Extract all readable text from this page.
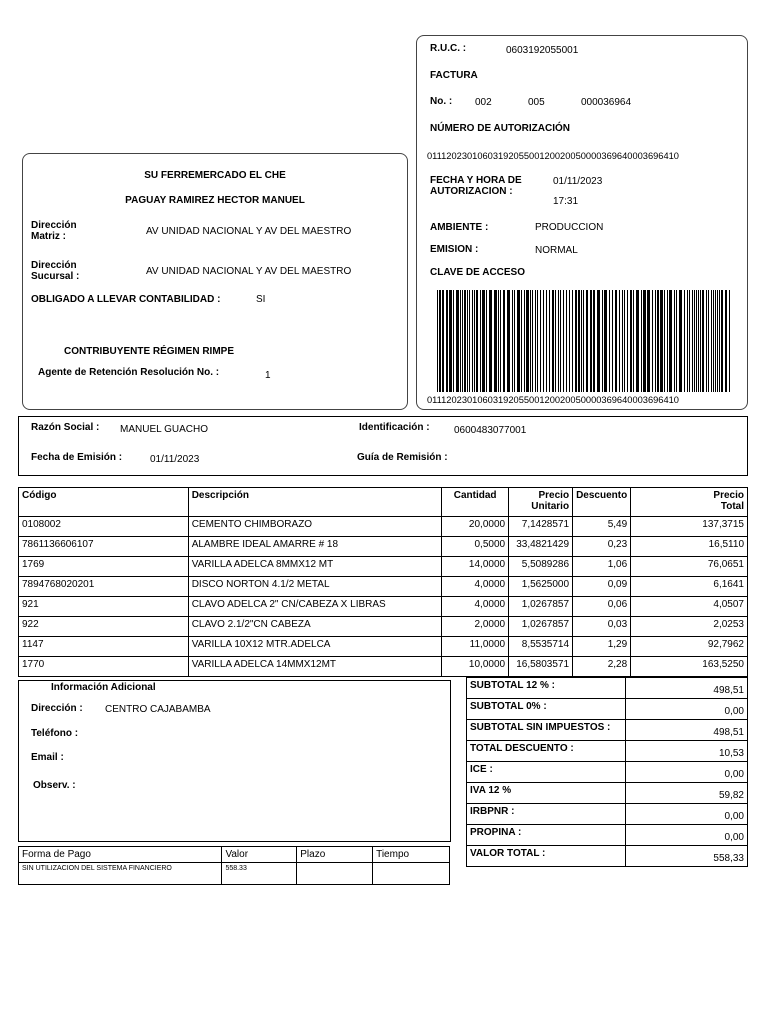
SU FERREMERCADO EL CHE
PAGUAY RAMIREZ HECTOR MANUEL
Dirección
Matriz :	AV UNIDAD NACIONAL Y AV DEL MAESTRO
Dirección
Sucursal :	AV UNIDAD NACIONAL Y AV DEL MAESTRO
OBLIGADO A LLEVAR CONTABILIDAD :	SI
CONTRIBUYENTE RÉGIMEN RIMPE
Agente de Retención Resolución No. :	1
R.U.C. :	0603192055001
FACTURA
No. : 002	005	000036964
NÚMERO DE AUTORIZACIÓN
0111202301060319205500120020050000369640003696410
FECHA Y HORA DE
AUTORIZACION :
01/11/2023
17:31
AMBIENTE :	PRODUCCION
EMISION :	NORMAL
CLAVE DE ACCESO
0111202301060319205500120020050000369640003696410
Razón Social : MANUEL GUACHO	Identificación : 0600483077001
Fecha de Emisión :	01/11/2023	Guía de Remisión :
Código	Descripción	Cantidad	Precio
Unitario	Descuento	Precio
Total
0108002	CEMENTO CHIMBORAZO	20,0000	7,1428571	5,49	137,3715
7861136606107	ALAMBRE IDEAL AMARRE # 18	0,5000	33,4821429	0,23	16,5110
1769	VARILLA ADELCA 8MMX12 MT	14,0000	5,5089286	1,06	76,0651
7894768020201	DISCO NORTON 4.1/2 METAL	4,0000	1,5625000	0,09	6,1641
921	CLAVO ADELCA 2" CN/CABEZA X LIBRAS	4,0000	1,0267857	0,06	4,0507
922	CLAVO 2.1/2"CN CABEZA	2,0000	1,0267857	0,03	2,0253
1147	VARILLA 10X12 MTR.ADELCA	11,0000	8,5535714	1,29	92,7962
1770	VARILLA ADELCA 14MMX12MT	10,0000	16,5803571	2,28	163,5250
Información Adicional
Dirección : CENTRO CAJABAMBA
Teléfono :
Email :
Observ. :
SUBTOTAL 12 % :	498,51
SUBTOTAL 0% :	0,00
SUBTOTAL SIN IMPUESTOS :	498,51
TOTAL DESCUENTO :	10,53
ICE :	0,00
IVA 12 %	59,82
IRBPNR :	0,00
PROPINA :	0,00
VALOR TOTAL :	558,33
Forma de Pago	Valor	Plazo	Tiempo
SIN UTILIZACION DEL SISTEMA FINANCIERO	558.33		
